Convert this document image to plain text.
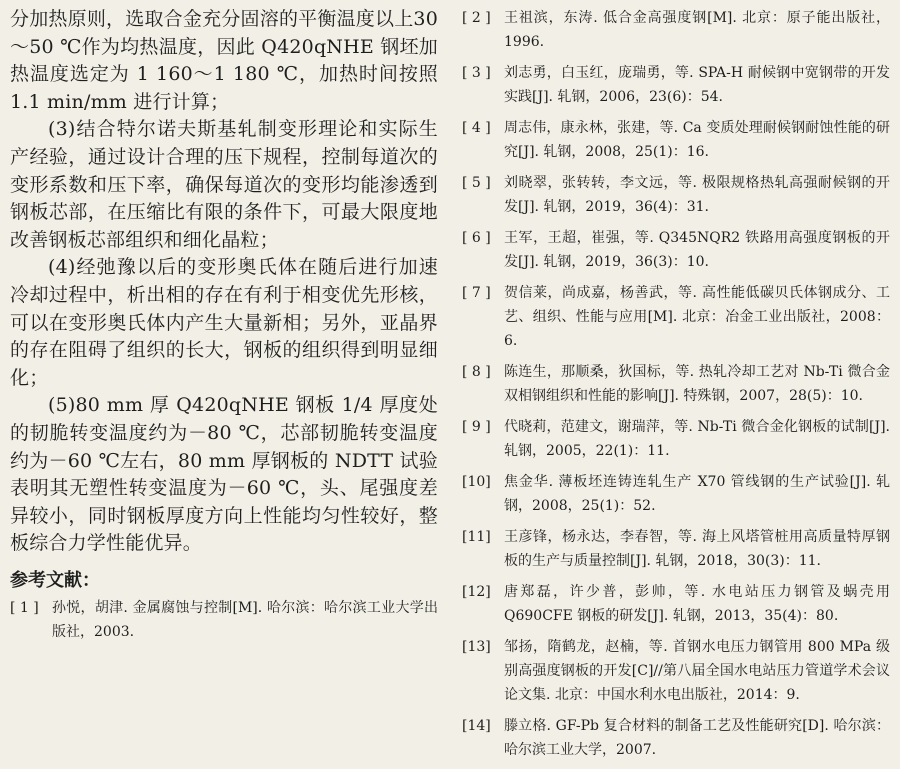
分加热原则，选取合金充分固溶的平衡温度以上30～50 ℃作为均热温度，因此 Q420qNHE 钢坯加热温度选定为 1 160～1 180 ℃，加热时间按照 1.1 min/mm 进行计算；

(3)结合特尔诺夫斯基轧制变形理论和实际生产经验，通过设计合理的压下规程，控制每道次的变形系数和压下率，确保每道次的变形均能渗透到钢板芯部，在压缩比有限的条件下，可最大限度地改善钢板芯部组织和细化晶粒；

(4)经弛豫以后的变形奥氏体在随后进行加速冷却过程中，析出相的存在有利于相变优先形核，可以在变形奥氏体内产生大量新相；另外，亚晶界的存在阻碍了组织的长大，钢板的组织得到明显细化；

(5)80 mm 厚 Q420qNHE 钢板 1/4 厚度处的韧脆转变温度约为－80 ℃，芯部韧脆转变温度约为－60 ℃左右，80 mm 厚钢板的 NDTT 试验表明其无塑性转变温度为－60 ℃，头、尾强度差异较小，同时钢板厚度方向上性能均匀性较好，整板综合力学性能优异。

参考文献：
[ 1 ] 孙悦，胡津. 金属腐蚀与控制[M]. 哈尔滨：哈尔滨工业大学出版社，2003.
[ 2 ] 王祖滨，东涛. 低合金高强度钢[M]. 北京：原子能出版社，1996.
[ 3 ] 刘志勇，白玉红，庞瑞勇，等. SPA-H 耐候钢中宽钢带的开发实践[J]. 轧钢，2006，23(6)：54.
[ 4 ] 周志伟，康永林，张建，等. Ca 变质处理耐候钢耐蚀性能的研究[J]. 轧钢，2008，25(1)：16.
[ 5 ] 刘晓翠，张转转，李文远，等. 极限规格热轧高强耐候钢的开发[J]. 轧钢，2019，36(4)：31.
[ 6 ] 王军，王超，崔强，等. Q345NQR2 铁路用高强度钢板的开发[J]. 轧钢，2019，36(3)：10.
[ 7 ] 贺信莱，尚成嘉，杨善武，等. 高性能低碳贝氏体钢成分、工艺、组织、性能与应用[M]. 北京：冶金工业出版社，2008：6.
[ 8 ] 陈连生，那顺桑，狄国标，等. 热轧冷却工艺对 Nb-Ti 微合金双相钢组织和性能的影响[J]. 特殊钢，2007，28(5)：10.
[ 9 ] 代晓莉，范建文，谢瑞萍，等. Nb-Ti 微合金化钢板的试制[J]. 轧钢，2005，22(1)：11.
[10] 焦金华. 薄板坯连铸连轧生产 X70 管线钢的生产试验[J]. 轧钢，2008，25(1)：52.
[11] 王彦锋，杨永达，李春智，等. 海上风塔管桩用高质量特厚钢板的生产与质量控制[J]. 轧钢，2018，30(3)：11.
[12] 唐郑磊，许少普，彭帅，等. 水电站压力钢管及蜗壳用 Q690CFE 钢板的研发[J]. 轧钢，2013，35(4)：80.
[13] 邹扬，隋鹤龙，赵楠，等. 首钢水电压力钢管用 800 MPa 级别高强度钢板的开发[C]//第八届全国水电站压力管道学术会议论文集. 北京：中国水利水电出版社，2014：9.
[14] 滕立格. GF-Pb 复合材料的制备工艺及性能研究[D]. 哈尔滨：哈尔滨工业大学，2007.
